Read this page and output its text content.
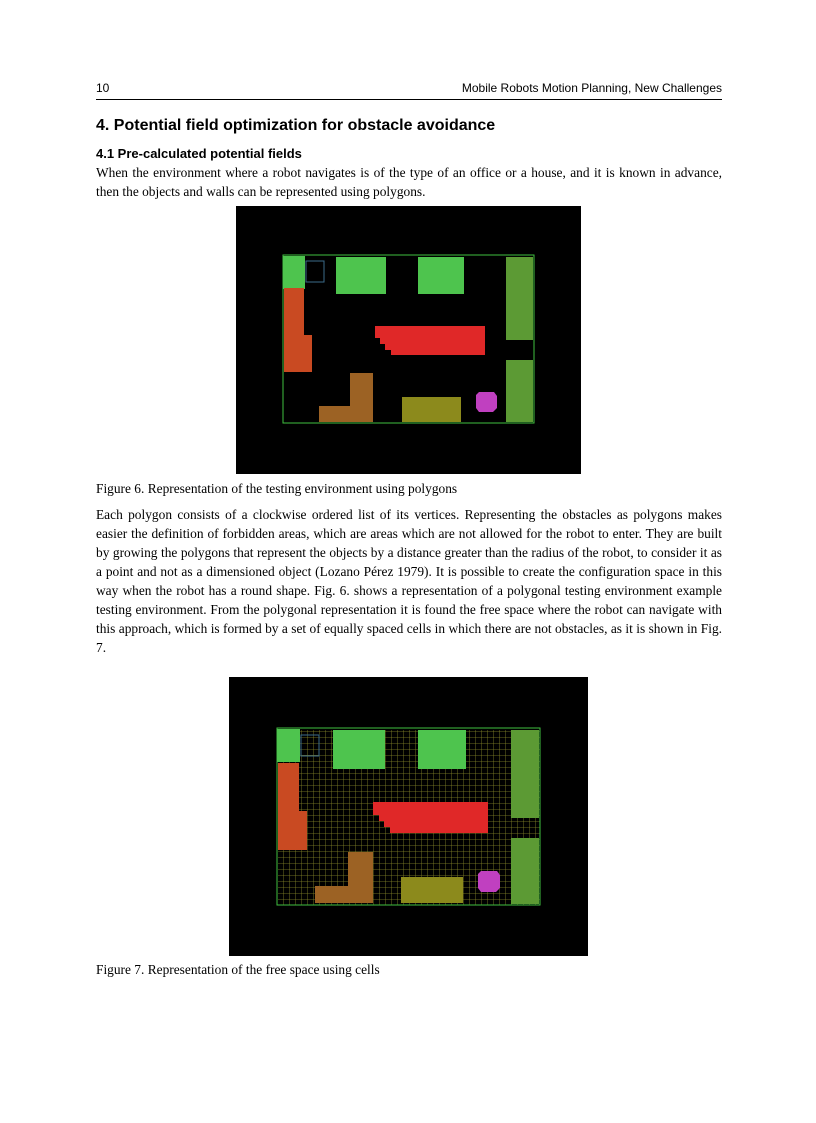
10	Mobile Robots Motion Planning, New Challenges
4. Potential field optimization for obstacle avoidance
4.1 Pre-calculated potential fields

When the environment where a robot navigates is of the type of an office or a house, and it is known in advance, then the objects and walls can be represented using polygons.

Figure 6. Representation of the testing environment using polygons

Each polygon consists of a clockwise ordered list of its vertices. Representing the obstacles as polygons makes easier the definition of forbidden areas, which are areas which are not allowed for the robot to enter. They are built by growing the polygons that represent the objects by a distance greater than the radius of the robot, to consider it as a point and not as a dimensioned object (Lozano Pérez 1979). It is possible to create the configuration space in this way when the robot has a round shape. Fig. 6. shows a representation of a polygonal testing environment example testing environment. From the polygonal representation it is found the free space where the robot can navigate with this approach, which is formed by a set of equally spaced cells in which there are not obstacles, as it is shown in Fig. 7.

Figure 7. Representation of the free space using cells
